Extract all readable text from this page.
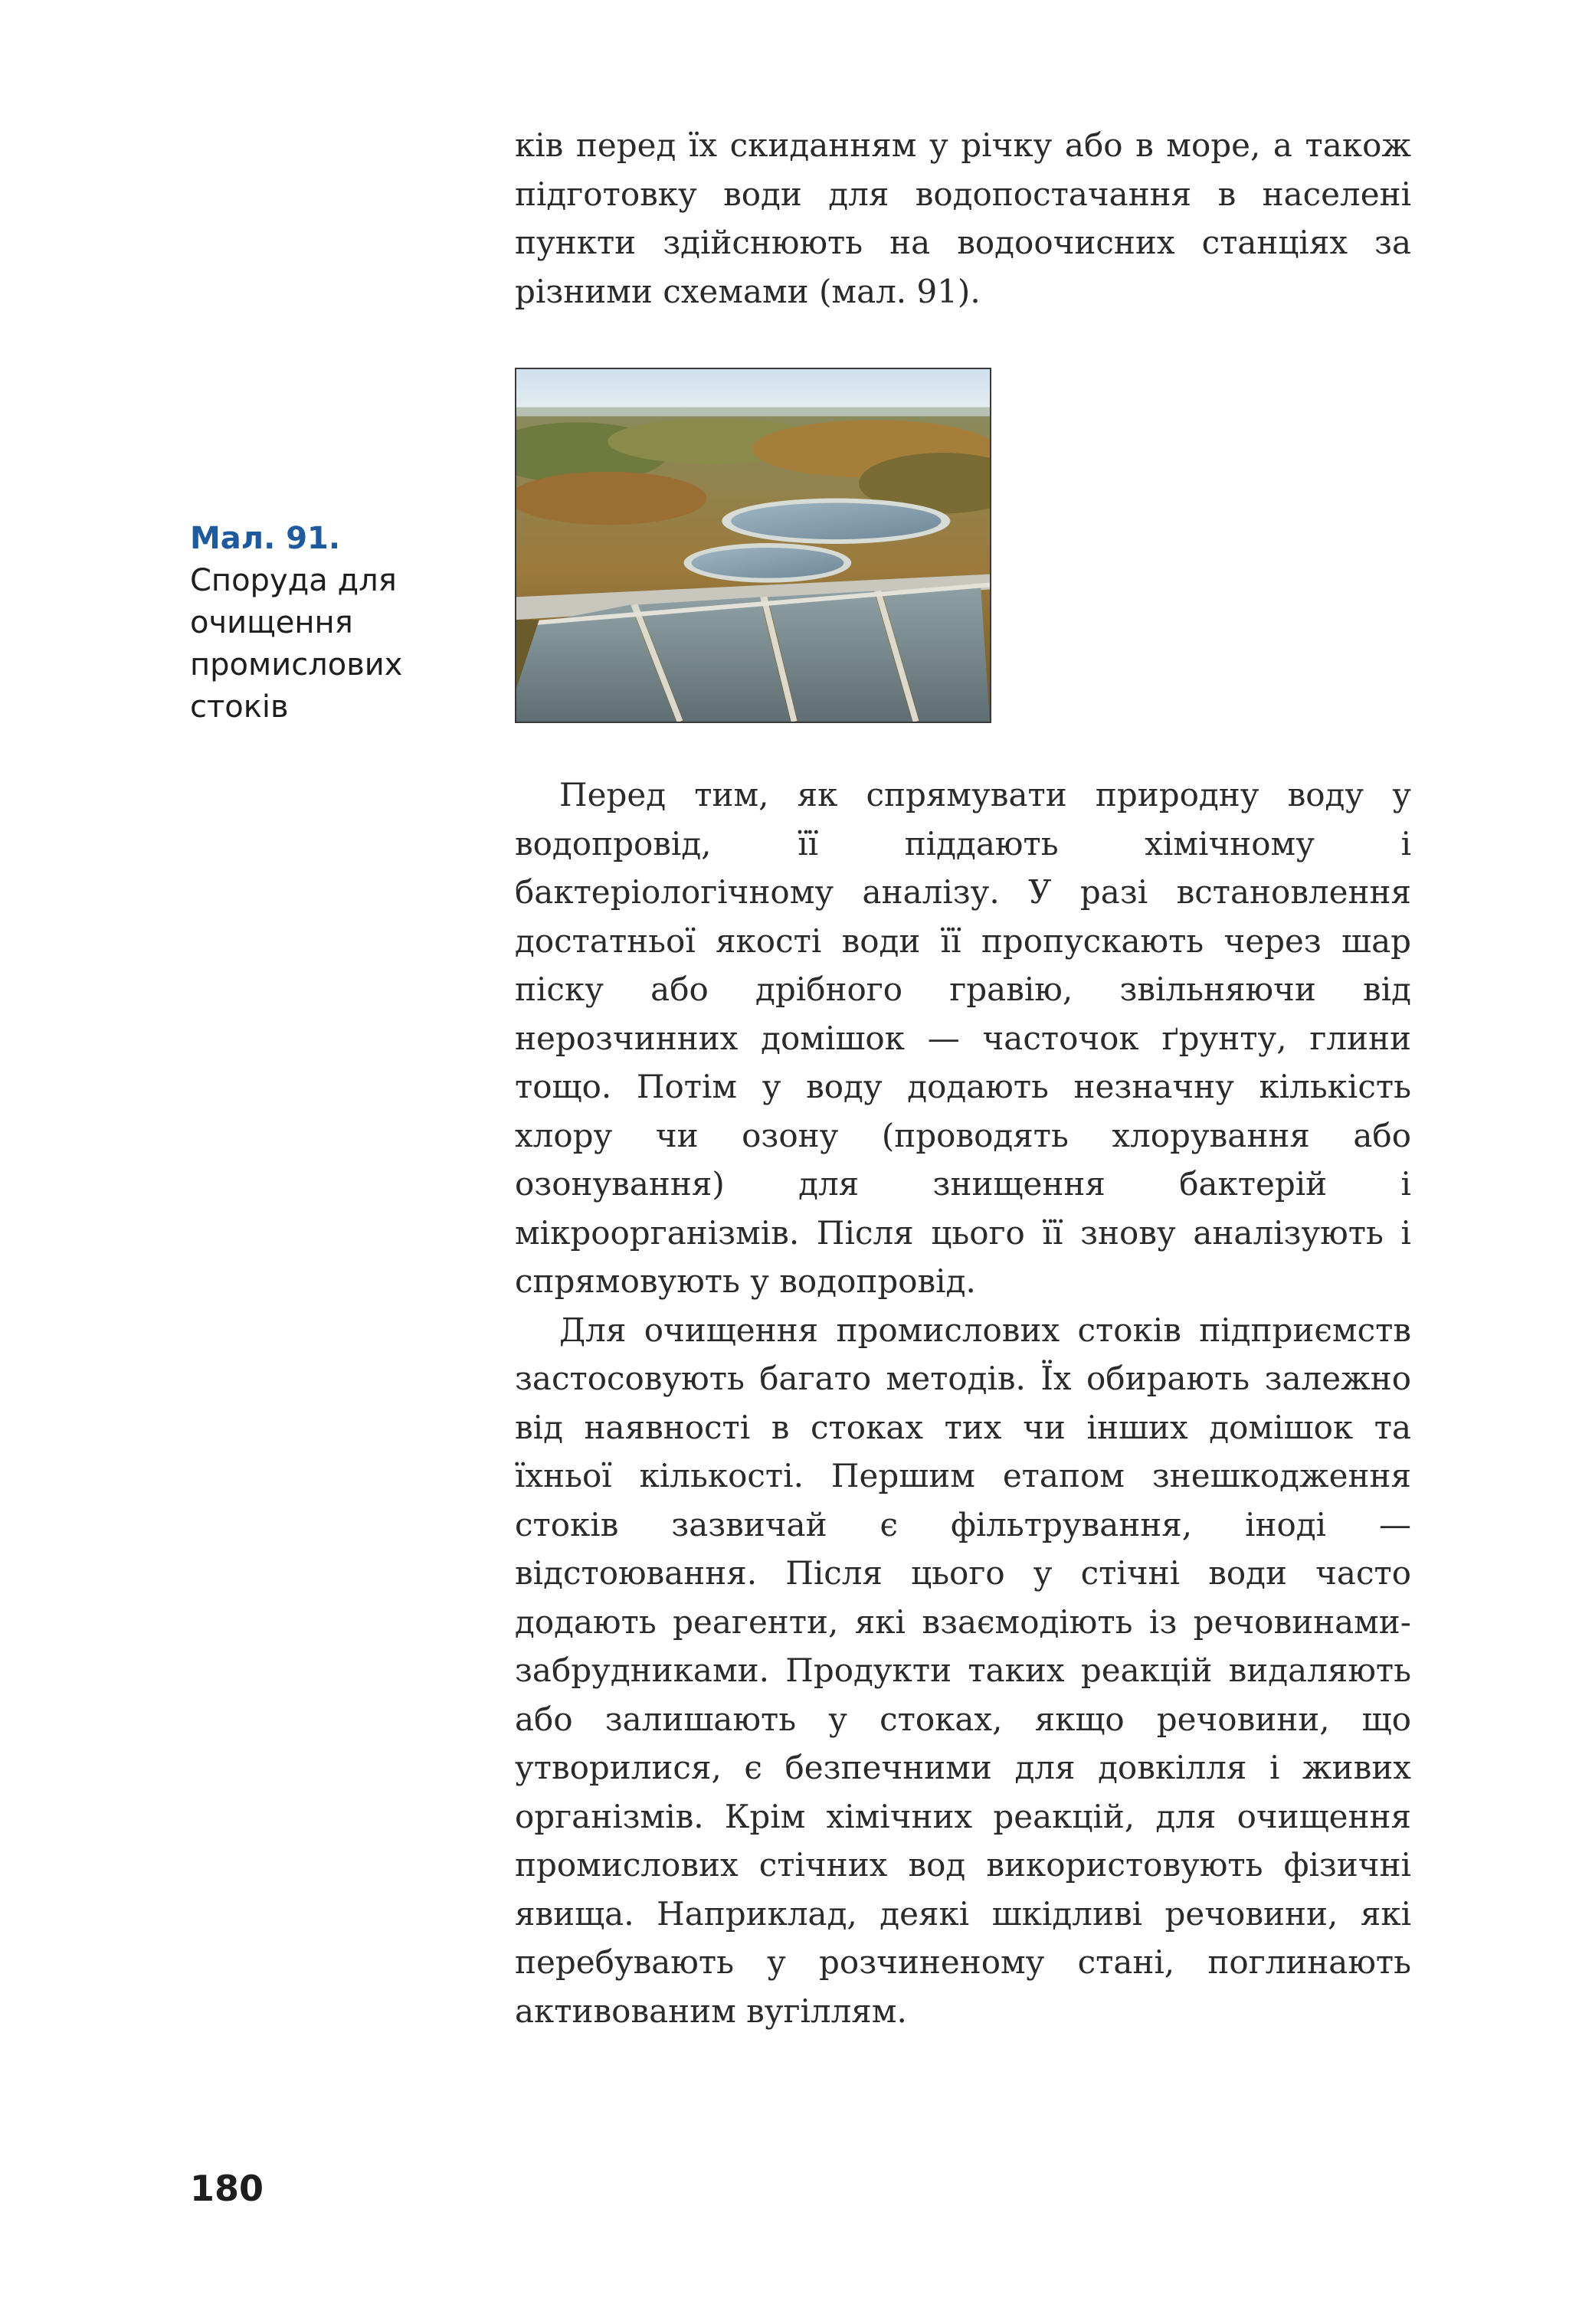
ків перед їх скиданням у річку або в море, а також підготовку води для водопостачання в населені пункти здійснюють на водоочисних станціях за різними схемами (мал. 91).

Мал. 91.
Споруда для очищення промислових стоків

Перед тим, як спрямувати природну воду у водопровід, її піддають хімічному і бактеріологічному аналізу. У разі встановлення достатньої якості води її пропускають через шар піску або дрібного гравію, звільняючи від нерозчинних домішок — часточок ґрунту, глини тощо. Потім у воду додають незначну кількість хлору чи озону (проводять хлорування або озонування) для знищення бактерій і мікроорганізмів. Після цього її знову аналізують і спрямовують у водопровід.

Для очищення промислових стоків підприємств застосовують багато методів. Їх обирають залежно від наявності в стоках тих чи інших домішок та їхньої кількості. Першим етапом знешкодження стоків зазвичай є фільтрування, іноді — відстоювання. Після цього у стічні води часто додають реагенти, які взаємодіють із речовинами-забрудниками. Продукти таких реакцій видаляють або залишають у стоках, якщо речовини, що утворилися, є безпечними для довкілля і живих організмів. Крім хімічних реакцій, для очищення промислових стічних вод використовують фізичні явища. Наприклад, деякі шкідливі речовини, які перебувають у розчиненому стані, поглинають активованим вугіллям.

180
